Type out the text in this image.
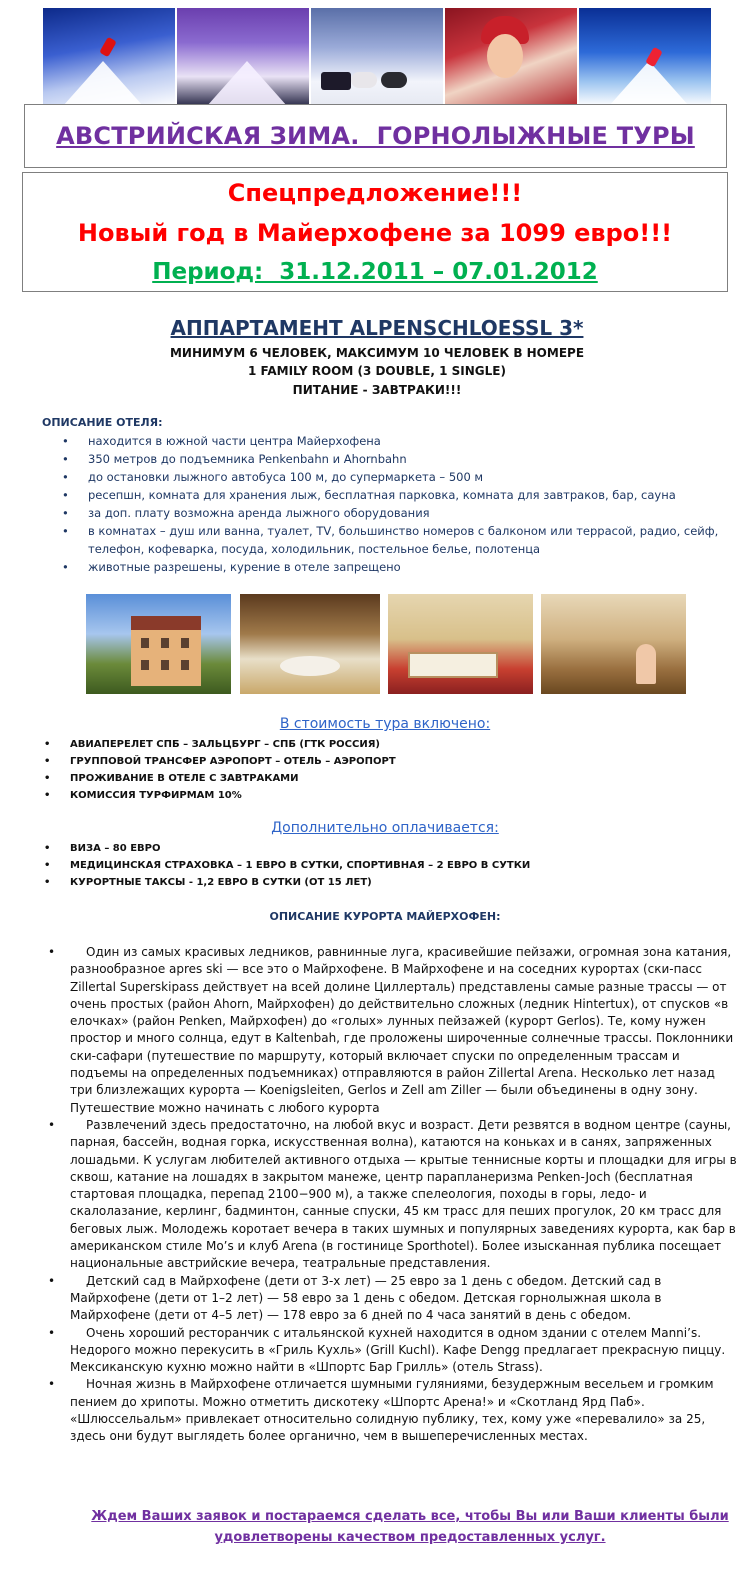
АВСТРИЙСКАЯ ЗИМА.  ГОРНОЛЫЖНЫЕ ТУРЫ
Спецпредложение!!!
Новый год в Майерхофене за 1099 евро!!!
Период:  31.12.2011 – 07.01.2012
АППАРТАМЕНТ ALPENSCHLOESSL 3*
МИНИМУМ 6 ЧЕЛОВЕК, МАКСИМУМ 10 ЧЕЛОВЕК В НОМЕРЕ
1 FAMILY ROOM (3 DOUBLE, 1 SINGLE)
ПИТАНИЕ - ЗАВТРАКИ!!!
ОПИСАНИЕ ОТЕЛЯ:
• находится в южной части центра Майерхофена
• 350 метров до подъемника Penkenbahn и Ahornbahn
• до остановки лыжного автобуса 100 м, до супермаркета – 500 м
• ресепшн, комната для хранения лыж, бесплатная парковка, комната для завтраков, бар, сауна
• за доп. плату возможна аренда лыжного оборудования
• в комнатах – душ или ванна, туалет, TV, большинство номеров с балконом или террасой, радио, сейф, телефон, кофеварка, посуда, холодильник, постельное белье, полотенца
• животные разрешены, курение в отеле запрещено
В стоимость тура включено:
• АВИАПЕРЕЛЕТ СПБ – ЗАЛЬЦБУРГ – СПБ (ГТК РОССИЯ)
• ГРУППОВОЙ ТРАНСФЕР АЭРОПОРТ – ОТЕЛЬ – АЭРОПОРТ
• ПРОЖИВАНИЕ В ОТЕЛЕ С ЗАВТРАКАМИ
• КОМИССИЯ ТУРФИРМАМ 10%
Дополнительно оплачивается:
• ВИЗА – 80 ЕВРО
• МЕДИЦИНСКАЯ СТРАХОВКА – 1 ЕВРО В СУТКИ, СПОРТИВНАЯ – 2 ЕВРО В СУТКИ
• КУРОРТНЫЕ ТАКСЫ - 1,2 ЕВРО В СУТКИ (ОТ 15 ЛЕТ)
ОПИСАНИЕ КУРОРТА МАЙЕРХОФЕН:
• Один из самых красивых ледников, равнинные луга, красивейшие пейзажи, огромная зона катания, разнообразное apres ski — все это о Майрхофене. В Майрхофене и на соседних курортах (ски-пасс Zillertal Superskipass действует на всей долине Циллерталь) представлены самые разные трассы — от очень простых (район Ahorn, Майрхофен) до действительно сложных (ледник Hintertux), от спусков «в елочках» (район Penken, Майрхофен) до «голых» лунных пейзажей (курорт Gerlos). Те, кому нужен простор и много солнца, едут в Kaltenbah, где проложены широченные солнечные трассы. Поклонники ски-сафари (путешествие по маршруту, который включает спуски по определенным трассам и подъемы на определенных подъемниках) отправляются в район Zillertal Arena. Несколько лет назад три близлежащих курорта — Koenigsleiten, Gerlos и Zell am Ziller — были объединены в одну зону. Путешествие можно начинать с любого курорта
• Развлечений здесь предостаточно, на любой вкус и возраст. Дети резвятся в водном центре (сауны, парная, бассейн, водная горка, искусственная волна), катаются на коньках и в санях, запряженных лошадьми. К услугам любителей активного отдыха — крытые теннисные корты и площадки для игры в сквош, катание на лошадях в закрытом манеже, центр парапланеризма Penken-Joch (бесплатная стартовая площадка, перепад 2100−900 м), а также спелеология, походы в горы, ледо- и скалолазание, керлинг, бадминтон, санные спуски, 45 км трасс для пеших прогулок, 20 км трасс для беговых лыж. Молодежь коротает вечера в таких шумных и популярных заведениях курорта, как бар в американском стиле Mo’s и клуб Arena (в гостинице Sporthotel). Более изысканная публика посещает национальные австрийские вечера, театральные представления.
• Детский сад в Майрхофене (дети от 3-х лет) — 25 евро за 1 день с обедом. Детский сад в Майрхофене (дети от 1–2 лет) — 58 евро за 1 день с обедом. Детская горнолыжная школа в Майрхофене (дети от 4–5 лет) — 178 евро за 6 дней по 4 часа занятий в день с обедом.
• Очень хороший ресторанчик с итальянской кухней находится в одном здании с отелем Manni’s. Недорого можно перекусить в «Гриль Кухль» (Grill Kuchl). Кафе Dengg предлагает прекрасную пиццу. Мексиканскую кухню можно найти в «Шпортс Бар Грилль» (отель Strass).
• Ночная жизнь в Майрхофене отличается шумными гуляниями, безудержным весельем и громким пением до хрипоты. Можно отметить дискотеку «Шпортс Арена!» и «Скотланд Ярд Паб». «Шлюссельальм» привлекает относительно солидную публику, тех, кому уже «перевалило» за 25, здесь они будут выглядеть более органично, чем в вышеперечисленных местах.
Ждем Ваших заявок и постараемся сделать все, чтобы Вы или Ваши клиенты были удовлетворены качеством предоставленных услуг.
